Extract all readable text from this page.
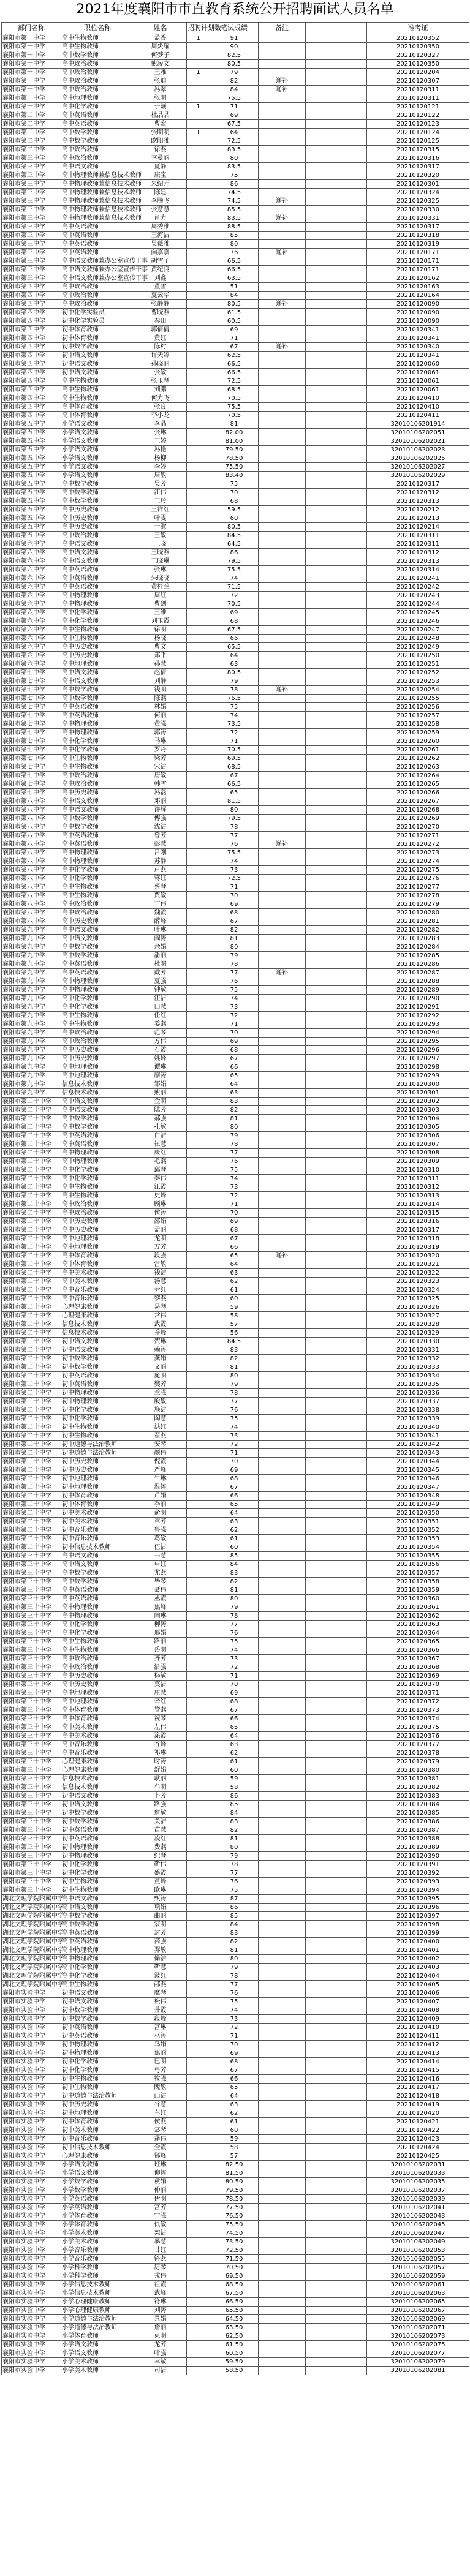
2021年度襄阳市市直教育系统公开招聘面试人员名单
部门名称	职位名称	姓名	招聘计划数	笔试成绩	备注		准考证
襄阳市第一中学	高中生物教师	孟香	1	91			20210120352
襄阳市第一中学	高中生物教师	周炎耀		90			20210120350
襄阳市第一中学	高中数学教师	何梦子		82.5			20210120327
襄阳市第一中学	高中政治教师	熊凌文		80.5			20210120350
襄阳市第一中学	高中政治教师	王雅	1	79			20210120204
襄阳市第一中学	高中政治教师	张迪		82	递补		20210120307
襄阳市第一中学	高中政治教师	冯翠		84	递补		20210120311
襄阳市第一中学	高中地理教师	张明		75.5			20210120311
襄阳市第一中学	高中化学教师	于颖	1	71			20210120121
襄阳市第二中学	高中英语教师	杜晶晶		69			20210120122
襄阳市第二中学	高中英语教师	曹宏		67.5			20210120123
襄阳市第二中学	高中数学教师	张明明	1	64			20210120124
襄阳市第二中学	高中数学教师	欧阳雅		72.5			20210120125
襄阳市第二中学	高中政治教师	徐燕		83.5			20210120315
襄阳市第三中学	高中政治教师	李曼丽		80			20210120316
襄阳市第三中学	高中语文教师	夏静		83.5			20210120317
襄阳市第三中学	高中物理教师兼信息技术教师	康宝		75			20210120320
襄阳市第三中学	高中物理教师兼信息技术教师	朱绍元		86			20210120301
襄阳市第三中学	高中物理教师兼信息技术教师	陈建		74.5			20210120324
襄阳市第三中学	高中物理教师兼信息技术教师	李腾飞		74.5	递补		20210120325
襄阳市第三中学	高中物理教师兼信息技术教师	张慧慧		85.5			20210120330
襄阳市第三中学	高中物理教师兼信息技术教师	肖力		83.5	递补		20210120331
襄阳市第三中学	高中英语教师	周秀雅		88.5			20210120317
襄阳市第三中学	高中英语教师	王海洁		85			20210120318
襄阳市第三中学	高中英语教师	吴薇雅		80			20210120319
襄阳市第三中学	高中英语教师	向嘉嘉		76	递补		20210120171
襄阳市第三中学	高中语文教师兼办公室宣传干事	胡雪子		66.5			20210120171
襄阳市第三中学	高中语文教师兼办公室宣传干事	黄纪良		66.5			20210120171
襄阳市第三中学	高中语文教师兼办公室宣传干事	刘鑫		63.5			20210120162
襄阳市第四中学	高中政治教师	董雪		51			20210120163
襄阳市第四中学	高中政治教师	夏云华		84			20210120164
襄阳市第四中学	高中政治教师	张静静		80.5	递补		20210120090
襄阳市第四中学	初中化学实验员	曹晓燕		61.5			20210120090
襄阳市第四中学	初中化学实验员	秦田		60.5			20210120090
襄阳市第四中学	初中体育教师	郭倩倩		69			20210120341
襄阳市第四中学	初中体育教师	黄红		71			20210120341
襄阳市第四中学	初中数学教师	陈村		67	递补		20210120340
襄阳市第四中学	初中语文教师	许天婷		62.5			20210120341
襄阳市第四中学	初中语文教师	孙晓丽		66.5			20210120060
襄阳市第四中学	初中语文教师	张敏		66.5			20210120061
襄阳市第四中学	高中生物教师	张玉琴		72.5			20210120061
襄阳市第四中学	高中生物教师	刘鹏		68.5			20210120061
襄阳市第四中学	高中生物教师	何力飞		70.5			20210120410
襄阳市第四中学	高中体育教师	张良		75.5			20210120410
襄阳市第四中学	高中体育教师	李小龙		70.5			20210120411
襄阳市第五中学	小学语文教师	李晶		81			32010106201914
襄阳市第五中学	小学语文教师	张琳		82.00			32010106202051
襄阳市第五中学	小学语文教师	王婷		81.00			32010106202021
襄阳市第五中学	小学语文教师	冯艳		79.50			32010106202023
襄阳市第五中学	小学语文教师	杨柳		78.50			32010106202025
襄阳市第五中学	小学语文教师	李婷		75.50			32010106202027
襄阳市第五中学	小学语文教师	周敏		83.40			32010106202029
襄阳市第五中学	高中数学教师	吴芳		75			20210120317
襄阳市第五中学	高中数学教师	江伟		70			20210120312
襄阳市第五中学	高中数学教师	王玲		68			20210120313
襄阳市第五中学	高中历史教师	王祥红		59.5			20210120212
襄阳市第五中学	高中历史教师	叶雯		60			20210120213
襄阳市第五中学	高中历史教师	于淑		80.5			20210120214
襄阳市第五中学	高中政治教师	王敏		84.5			20210120311
襄阳市第六中学	高中语文教师	王晓		64.5			20210120311
襄阳市第六中学	高中语文教师	王晓燕		86			20210120312
襄阳市第六中学	高中语文教师	王晓琳		79.5			20210120313
襄阳市第六中学	高中英语教师	张琳		75.5			20210120314
襄阳市第六中学	高中英语教师	朱晓晓		74			20210120241
襄阳市第六中学	高中英语教师	黄桂兰		71.5			20210120242
襄阳市第六中学	高中物理教师	周红		72			20210120243
襄阳市第六中学	高中物理教师	曹剑		70.5			20210120244
襄阳市第六中学	高中化学教师	王维		69			20210120245
襄阳市第六中学	高中化学教师	刘玉霞		68			20210120246
襄阳市第六中学	高中生物教师	徐明		67.5			20210120247
襄阳市第六中学	高中生物教师	杨晓		66			20210120248
襄阳市第六中学	高中历史教师	曹文		65.5			20210120249
襄阳市第六中学	高中历史教师	郑平		64			20210120250
襄阳市第六中学	高中地理教师	孙慧		63			20210120251
襄阳市第七中学	高中语文教师	赵倩		80.5			20210120252
襄阳市第七中学	高中语文教师	刘静		79			20210120253
襄阳市第七中学	高中数学教师	钱明		78	递补		20210120254
襄阳市第七中学	高中数学教师	陈燕		76.5			20210120255
襄阳市第七中学	高中英语教师	林娟		75			20210120256
襄阳市第七中学	高中英语教师	何丽		74			20210120257
襄阳市第七中学	高中物理教师	黄强		73.5			20210120258
襄阳市第七中学	高中物理教师	郭涛		72			20210120259
襄阳市第七中学	高中化学教师	马琳		71			20210120260
襄阳市第七中学	高中化学教师	罗丹		70.5			20210120261
襄阳市第七中学	高中生物教师	梁芳		69.5			20210120262
襄阳市第七中学	高中生物教师	宋洁		68.5			20210120263
襄阳市第七中学	高中政治教师	唐敏		67			20210120264
襄阳市第七中学	高中政治教师	韩雪		66.5			20210120265
襄阳市第七中学	高中历史教师	冯磊		65			20210120266
襄阳市第八中学	高中语文教师	邓丽		81.5			20210120267
襄阳市第八中学	高中语文教师	许辉		80			20210120268
襄阳市第八中学	高中数学教师	傅强		79.5			20210120269
襄阳市第八中学	高中数学教师	沈洁		78			20210120270
襄阳市第八中学	高中英语教师	曾芳		77			20210120271
襄阳市第八中学	高中英语教师	彭慧		76	递补		20210120272
襄阳市第八中学	高中物理教师	吕刚		75.5			20210120273
襄阳市第八中学	高中物理教师	苏静		74			20210120274
襄阳市第八中学	高中化学教师	卢燕		73			20210120275
襄阳市第八中学	高中化学教师	蒋红		72.5			20210120276
襄阳市第八中学	高中生物教师	蔡琴		71			20210120277
襄阳市第八中学	高中生物教师	贾敏		70			20210120278
襄阳市第八中学	高中政治教师	丁伟		69			20210120279
襄阳市第八中学	高中政治教师	魏霞		68			20210120280
襄阳市第八中学	高中历史教师	薛峰		67			20210120281
襄阳市第九中学	高中语文教师	叶琳		82			20210120282
襄阳市第九中学	高中语文教师	阎涛		81			20210120283
襄阳市第九中学	高中数学教师	余娟		80			20210120284
襄阳市第九中学	高中数学教师	潘丽		79			20210120285
襄阳市第九中学	高中英语教师	杜明		78			20210120286
襄阳市第九中学	高中英语教师	戴芳		77	递补		20210120287
襄阳市第九中学	高中物理教师	夏强		76			20210120288
襄阳市第九中学	高中物理教师	钟敏		75			20210120289
襄阳市第九中学	高中化学教师	汪洁		74			20210120290
襄阳市第九中学	高中化学教师	田慧		73			20210120291
襄阳市第九中学	高中生物教师	任红		72			20210120292
襄阳市第九中学	高中生物教师	姜燕		71			20210120293
襄阳市第九中学	高中政治教师	范琴		70			20210120294
襄阳市第九中学	高中政治教师	方伟		69			20210120295
襄阳市第九中学	高中历史教师	石霞		68			20210120296
襄阳市第九中学	高中历史教师	姚峰		67			20210120297
襄阳市第九中学	高中地理教师	谭琳		66			20210120298
襄阳市第九中学	高中地理教师	廖涛		65			20210120299
襄阳市第九中学	信息技术教师	邹娟		64			20210120300
襄阳市第九中学	信息技术教师	熊丽		63			20210120301
襄阳市第二十中学	高中语文教师	金明		83			20210120302
襄阳市第二十中学	高中语文教师	陆芳		82			20210120303
襄阳市第二十中学	高中数学教师	郝强		81			20210120304
襄阳市第二十中学	高中数学教师	孔敏		80			20210120305
襄阳市第二十中学	高中英语教师	白洁		79			20210120306
襄阳市第二十中学	高中英语教师	崔慧		78			20210120307
襄阳市第二十中学	高中物理教师	康红		77			20210120308
襄阳市第二十中学	高中物理教师	毛燕		76			20210120309
襄阳市第二十中学	高中化学教师	邱琴		75			20210120310
襄阳市第二十中学	高中化学教师	秦伟		74			20210120311
襄阳市第二十中学	高中生物教师	江霞		73			20210120312
襄阳市第二十中学	高中生物教师	史峰		72			20210120313
襄阳市第二十中学	高中政治教师	顾琳		71			20210120314
襄阳市第二十中学	高中政治教师	侯涛		70			20210120315
襄阳市第二十中学	高中历史教师	邵娟		69			20210120316
襄阳市第二十中学	高中历史教师	孟丽		68			20210120317
襄阳市第二十中学	高中地理教师	龙明		67			20210120318
襄阳市第二十中学	高中地理教师	万芳		66			20210120319
襄阳市第二十中学	高中体育教师	段强		65	递补		20210120320
襄阳市第二十中学	高中体育教师	雷敏		64			20210120321
襄阳市第二十中学	高中美术教师	钱洁		63			20210120322
襄阳市第二十中学	高中美术教师	汤慧		62			20210120323
襄阳市第二十中学	高中音乐教师	尹红		61			20210120324
襄阳市第二十中学	高中音乐教师	黎燕		60			20210120325
襄阳市第二十中学	心理健康教师	易琴		59			20210120326
襄阳市第二十中学	心理健康教师	常伟		58			20210120327
襄阳市第二十中学	信息技术教师	武霞		57			20210120328
襄阳市第二十中学	信息技术教师	乔峰		56			20210120329
襄阳市第二十中学	初中语文教师	贺琳		84.5			20210120330
襄阳市第二十中学	初中语文教师	赖涛		83			20210120331
襄阳市第二十中学	初中数学教师	龚娟		82			20210120332
襄阳市第二十中学	初中数学教师	文丽		81			20210120333
襄阳市第二十中学	初中英语教师	庞明		80			20210120334
襄阳市第二十中学	初中英语教师	樊芳		79			20210120335
襄阳市第二十中学	初中物理教师	兰强		78			20210120336
襄阳市第二十中学	初中物理教师	殷敏		77			20210120337
襄阳市第二十中学	初中化学教师	施洁		76			20210120338
襄阳市第二十中学	初中化学教师	陶慧		75			20210120339
襄阳市第二十中学	初中生物教师	洪红		74			20210120340
襄阳市第二十中学	初中生物教师	翟燕		73			20210120341
襄阳市第二十中学	初中道德与法治教师	安琴		72			20210120342
襄阳市第二十中学	初中道德与法治教师	颜伟		71			20210120343
襄阳市第二十中学	初中历史教师	倪霞		70			20210120344
襄阳市第二十中学	初中历史教师	严峰		69			20210120345
襄阳市第二十中学	初中地理教师	牛琳		68			20210120346
襄阳市第二十中学	初中地理教师	温涛		67			20210120347
襄阳市第二十中学	初中体育教师	芦娟		66			20210120348
襄阳市第二十中学	初中体育教师	季丽		65			20210120349
襄阳市第二十中学	初中美术教师	俞明		64			20210120350
襄阳市第二十中学	初中美术教师	章芳		63			20210120351
襄阳市第二十中学	初中音乐教师	鲁强		62			20210120352
襄阳市第二十中学	初中音乐教师	葛敏		61			20210120353
襄阳市第二十中学	初中信息技术教师	伍洁		60			20210120354
襄阳市第三十中学	高中语文教师	韦慧		85			20210120355
襄阳市第三十中学	高中语文教师	申红		84			20210120356
襄阳市第三十中学	高中数学教师	尤燕		83			20210120357
襄阳市第三十中学	高中数学教师	毕琴		82			20210120358
襄阳市第三十中学	高中英语教师	聂伟		81			20210120359
襄阳市第三十中学	高中英语教师	丛霞		80			20210120360
襄阳市第三十中学	高中物理教师	焦峰		79			20210120361
襄阳市第三十中学	高中物理教师	向琳		78			20210120362
襄阳市第三十中学	高中化学教师	柳涛		77			20210120363
襄阳市第三十中学	高中化学教师	邢娟		76			20210120364
襄阳市第三十中学	高中生物教师	路丽		75			20210120365
襄阳市第三十中学	高中生物教师	岳明		74			20210120366
襄阳市第三十中学	高中政治教师	齐芳		73			20210120367
襄阳市第三十中学	高中政治教师	沿强		72			20210120368
襄阳市第三十中学	高中历史教师	梅敏		71			20210120369
襄阳市第三十中学	高中历史教师	莫洁		70			20210120370
襄阳市第三十中学	高中地理教师	庄慧		69			20210120371
襄阳市第三十中学	高中地理教师	辛红		68			20210120372
襄阳市第三十中学	高中体育教师	管燕		67			20210120373
襄阳市第三十中学	高中体育教师	祝琴		66			20210120374
襄阳市第三十中学	高中美术教师	左伟		65			20210120375
襄阳市第三十中学	高中美术教师	涂霞		64			20210120376
襄阳市第三十中学	高中音乐教师	谷峰		63			20210120377
襄阳市第三十中学	高中音乐教师	祁琳		62			20210120378
襄阳市第三十中学	心理健康教师	时涛		61			20210120379
襄阳市第三十中学	心理健康教师	舒娟		60			20210120380
襄阳市第三十中学	信息技术教师	耿丽		59			20210120381
襄阳市第三十中学	信息技术教师	牟明		58			20210120382
襄阳市第三十中学	初中语文教师	卜芳		86			20210120383
襄阳市第三十中学	初中语文教师	路强		85			20210120384
襄阳市第三十中学	初中数学教师	詹敏		84			20210120385
襄阳市第三十中学	初中数学教师	关洁		83			20210120386
襄阳市第三十中学	初中英语教师	苗慧		82			20210120387
襄阳市第三十中学	初中英语教师	凌红		81			20210120388
襄阳市第三十中学	初中物理教师	费燕		80			20210120389
襄阳市第三十中学	初中物理教师	纪琴		79			20210120390
襄阳市第三十中学	初中化学教师	靳伟		78			20210120391
襄阳市第三十中学	初中化学教师	盛霞		77			20210120392
襄阳市第三十中学	初中生物教师	童峰		76			20210120393
襄阳市第三十中学	初中生物教师	欧琳		75			20210120394
湖北文理学院附属中学	高中语文教师	甄涛		87			20210120395
湖北文理学院附属中学	高中语文教师	项娟		86			20210120396
湖北文理学院附属中学	高中数学教师	曲丽		85			20210120397
湖北文理学院附属中学	高中数学教师	家明		84			20210120398
湖北文理学院附属中学	高中英语教师	封芳		83			20210120399
湖北文理学院附属中学	高中英语教师	芮强		82			20210120400
湖北文理学院附属中学	高中物理教师	羿敏		81			20210120401
湖北文理学院附属中学	高中物理教师	储洁		80			20210120402
湖北文理学院附属中学	高中化学教师	靳慧		79			20210120403
湖北文理学院附属中学	高中化学教师	汲红		78			20210120404
湖北文理学院附属中学	高中生物教师	邴燕		77			20210120405
襄阳市实验中学	初中语文教师	糜琴		76			20210120406
襄阳市实验中学	初中语文教师	松伟		75			20210120407
襄阳市实验中学	初中数学教师	井霞		74			20210120408
襄阳市实验中学	初中数学教师	段峰		73			20210120409
襄阳市实验中学	初中英语教师	富琳		72			20210120410
襄阳市实验中学	初中英语教师	巫涛		71			20210120411
襄阳市实验中学	初中物理教师	乌娟		70			20210120412
襄阳市实验中学	初中物理教师	焦丽		69			20210120413
襄阳市实验中学	初中化学教师	巴明		68			20210120414
襄阳市实验中学	初中化学教师	弓芳		67			20210120415
襄阳市实验中学	初中生物教师	牧强		66			20210120416
襄阳市实验中学	初中生物教师	隗敏		65			20210120417
襄阳市实验中学	初中道德与法治教师	山洁		64			20210120418
襄阳市实验中学	初中历史教师	谷慧		63			20210120419
襄阳市实验中学	初中地理教师	车红		62			20210120420
襄阳市实验中学	初中体育教师	侯燕		61			20210120421
襄阳市实验中学	初中美术教师	宓琴		60			20210120422
襄阳市实验中学	初中音乐教师	蓬伟		59			20210120423
襄阳市实验中学	初中信息技术教师	全霞		58			20210120424
襄阳市实验中学	心理健康教师	郗峰		57			20210120425
襄阳市实验中学	小学语文教师	班琳		82.50			32010106202031
襄阳市实验中学	小学语文教师	仰涛		81.50			32010106202033
襄阳市实验中学	小学数学教师	秋娟		80.50			32010106202035
襄阳市实验中学	小学数学教师	仲丽		79.50			32010106202037
襄阳市实验中学	小学英语教师	伊明		78.50			32010106202039
襄阳市实验中学	小学英语教师	宫芳		77.50			32010106202041
襄阳市实验中学	小学体育教师	宁强		76.50			32010106202043
襄阳市实验中学	小学体育教师	仇敏		75.50			32010106202045
襄阳市实验中学	小学美术教师	栾洁		74.50			32010106202047
襄阳市实验中学	小学美术教师	暴慧		73.50			32010106202049
襄阳市实验中学	小学音乐教师	甘红		72.50			32010106202053
襄阳市实验中学	小学音乐教师	钭燕		71.50			32010106202055
襄阳市实验中学	小学科学教师	厉琴		70.50			32010106202057
襄阳市实验中学	小学科学教师	戎伟		69.50			32010106202059
襄阳市实验中学	小学信息技术教师	祖霞		68.50			32010106202061
襄阳市实验中学	小学信息技术教师	武峰		67.50			32010106202063
襄阳市实验中学	小学心理健康教师	符琳		66.50			32010106202065
襄阳市实验中学	小学心理健康教师	刘涛		65.50			32010106202067
襄阳市实验中学	小学道德与法治教师	景娟		64.50			32010106202069
襄阳市实验中学	小学道德与法治教师	詹丽		63.50			32010106202071
襄阳市实验中学	小学体育教师	束明		62.50			32010106202073
襄阳市实验中学	小学语文教师	龙芳		61.50			32010106202075
襄阳市实验中学	小学语文教师	叶强		60.50			32010106202077
襄阳市实验中学	小学美术教师	幸敏		59.50			32010106202079
襄阳市实验中学	小学美术教师	司洁		58.50			32010106202081
